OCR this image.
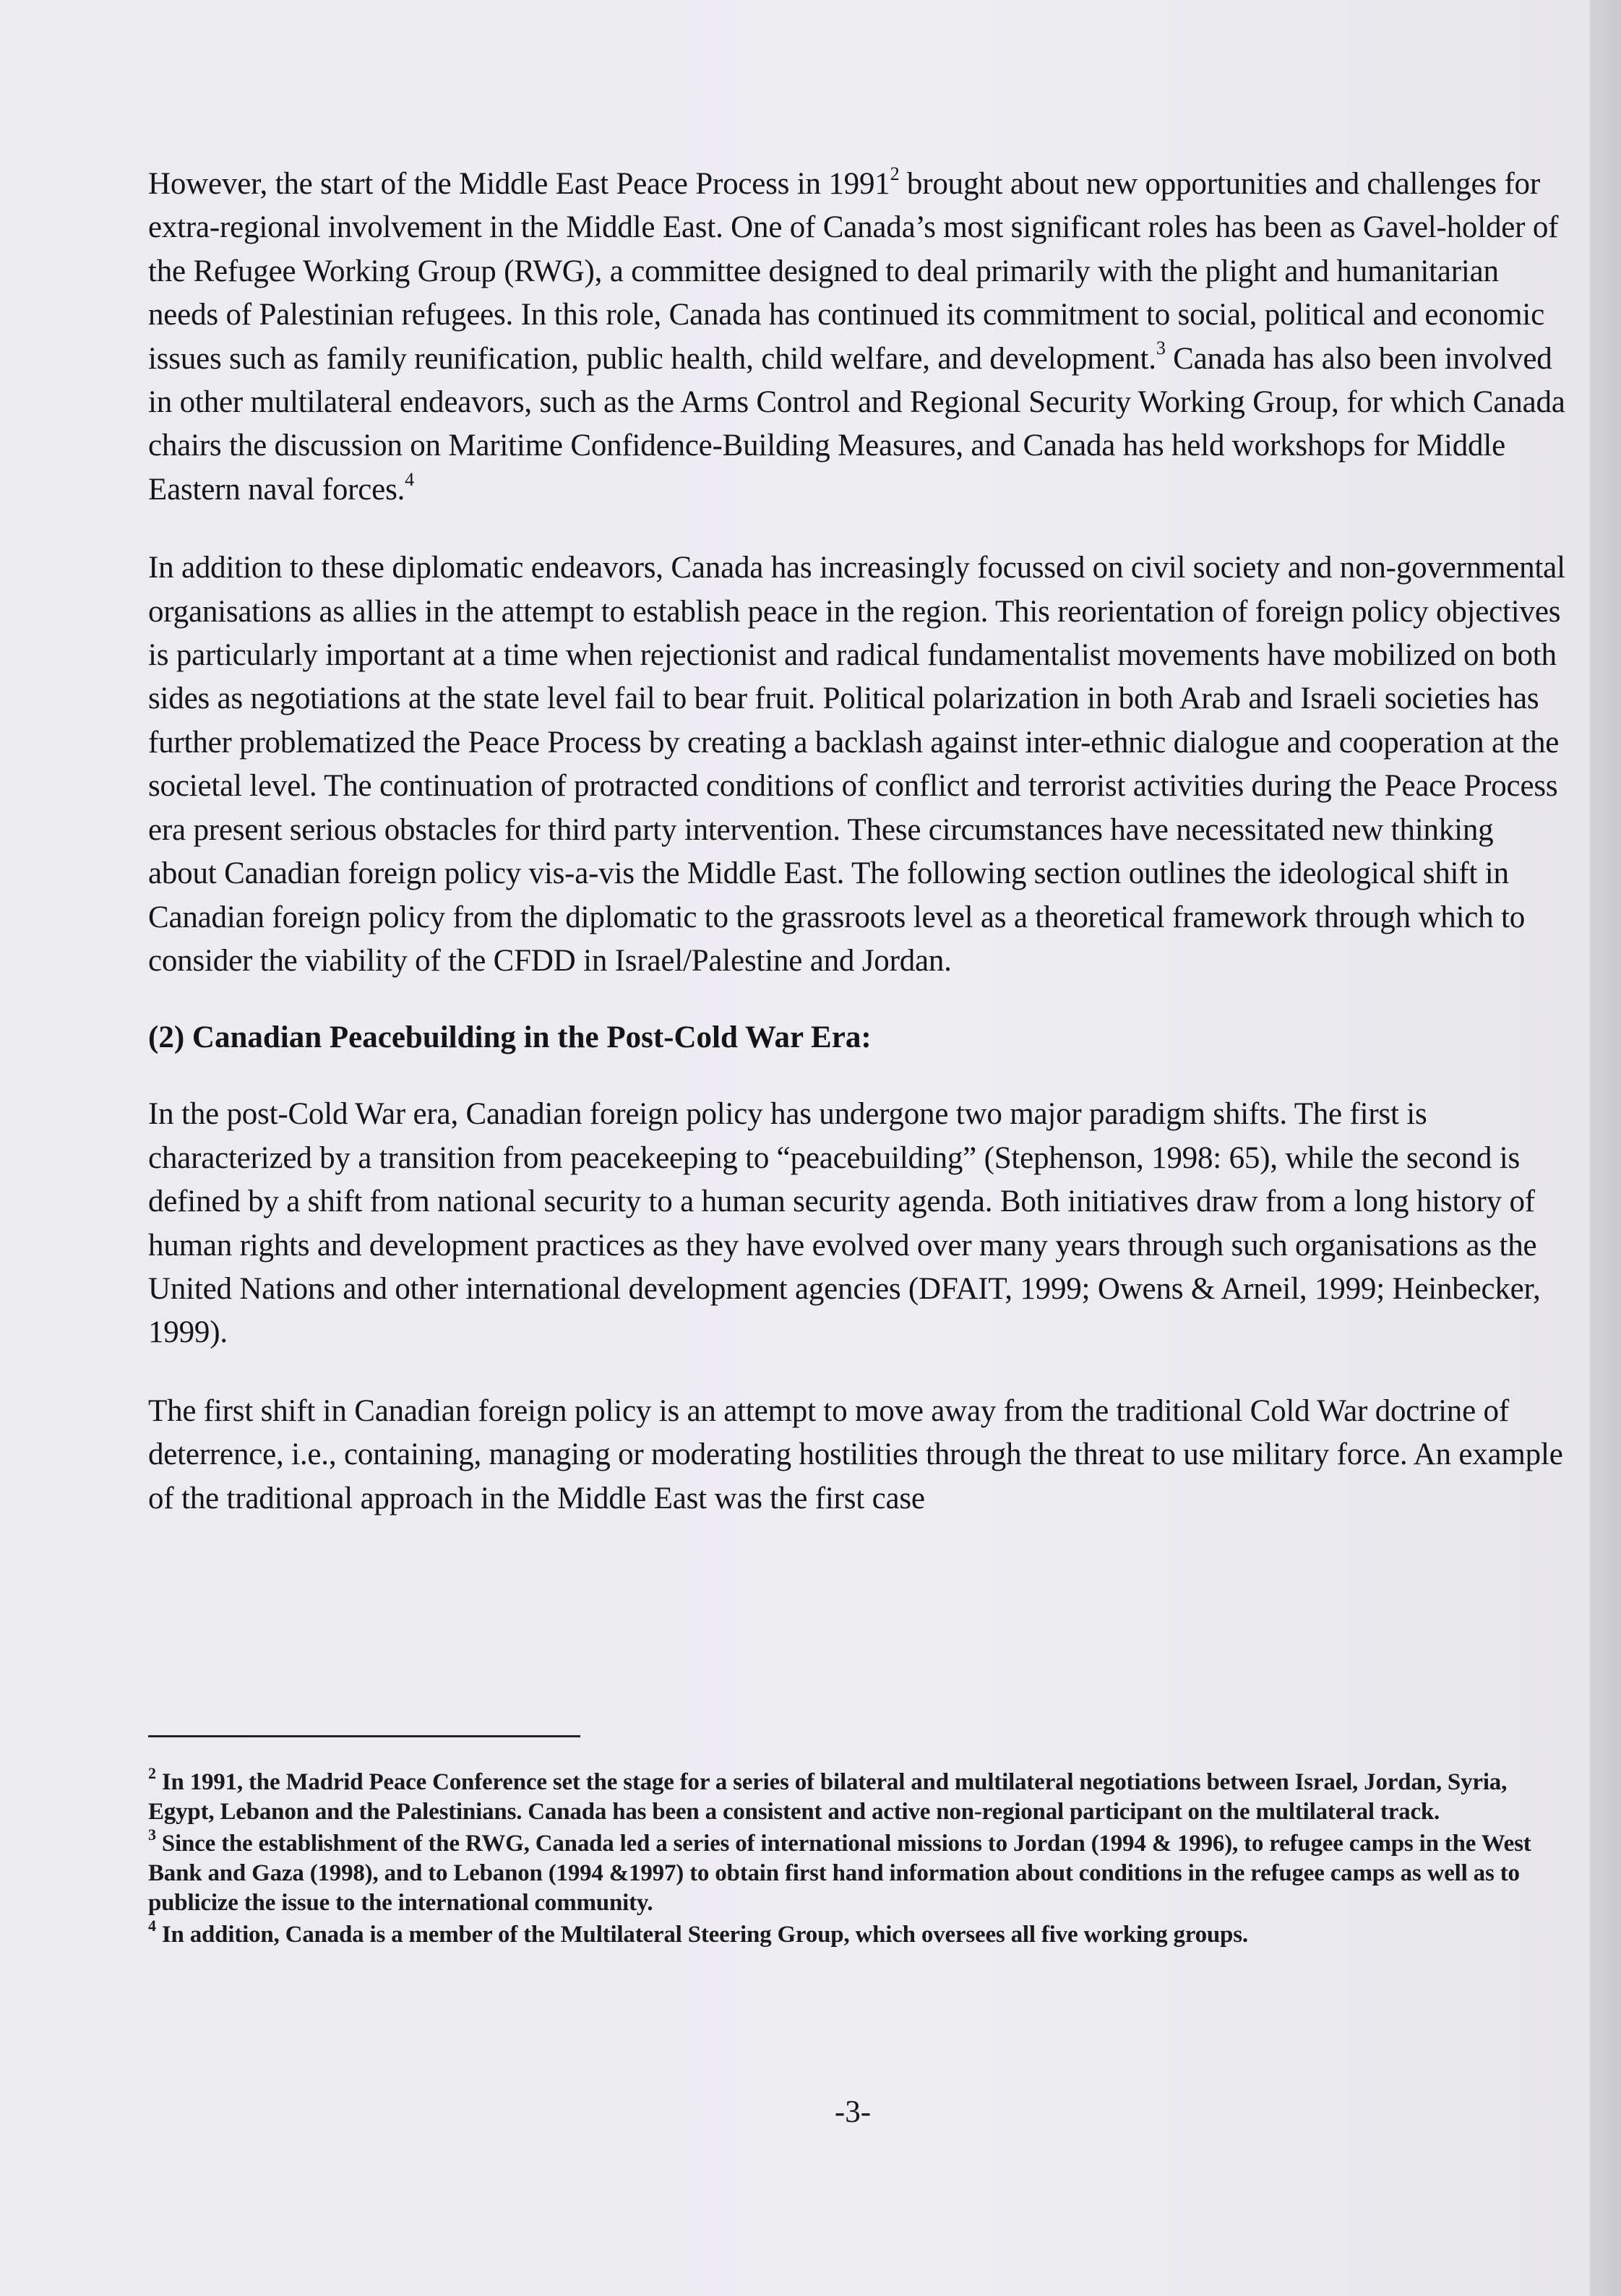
However, the start of the Middle East Peace Process in 1991$^2$ brought about new opportunities and challenges for extra-regional involvement in the Middle East. One of Canada’s most significant roles has been as Gavel-holder of the Refugee Working Group (RWG), a committee designed to deal primarily with the plight and humanitarian needs of Palestinian refugees. In this role, Canada has continued its commitment to social, political and economic issues such as family reunification, public health, child welfare, and development.$^3$ Canada has also been involved in other multilateral endeavors, such as the Arms Control and Regional Security Working Group, for which Canada chairs the discussion on Maritime Confidence-Building Measures, and Canada has held workshops for Middle Eastern naval forces.$^4$

In addition to these diplomatic endeavors, Canada has increasingly focussed on civil society and non-governmental organisations as allies in the attempt to establish peace in the region. This reorientation of foreign policy objectives is particularly important at a time when rejectionist and radical fundamentalist movements have mobilized on both sides as negotiations at the state level fail to bear fruit. Political polarization in both Arab and Israeli societies has further problematized the Peace Process by creating a backlash against inter-ethnic dialogue and cooperation at the societal level. The continuation of protracted conditions of conflict and terrorist activities during the Peace Process era present serious obstacles for third party intervention. These circumstances have necessitated new thinking about Canadian foreign policy vis-a-vis the Middle East. The following section outlines the ideological shift in Canadian foreign policy from the diplomatic to the grassroots level as a theoretical framework through which to consider the viability of the CFDD in Israel/Palestine and Jordan.

(2) Canadian Peacebuilding in the Post-Cold War Era:

In the post-Cold War era, Canadian foreign policy has undergone two major paradigm shifts. The first is characterized by a transition from peacekeeping to “peacebuilding” (Stephenson, 1998: 65), while the second is defined by a shift from national security to a human security agenda. Both initiatives draw from a long history of human rights and development practices as they have evolved over many years through such organisations as the United Nations and other international development agencies (DFAIT, 1999; Owens & Arneil, 1999; Heinbecker, 1999).

The first shift in Canadian foreign policy is an attempt to move away from the traditional Cold War doctrine of deterrence, i.e., containing, managing or moderating hostilities through the threat to use military force. An example of the traditional approach in the Middle East was the first case

$^2$ In 1991, the Madrid Peace Conference set the stage for a series of bilateral and multilateral negotiations between Israel, Jordan, Syria, Egypt, Lebanon and the Palestinians. Canada has been a consistent and active non-regional participant on the multilateral track.

$^3$ Since the establishment of the RWG, Canada led a series of international missions to Jordan (1994 & 1996), to refugee camps in the West Bank and Gaza (1998), and to Lebanon (1994 &1997) to obtain first hand information about conditions in the refugee camps as well as to publicize the issue to the international community.

$^4$ In addition, Canada is a member of the Multilateral Steering Group, which oversees all five working groups.

-3-
